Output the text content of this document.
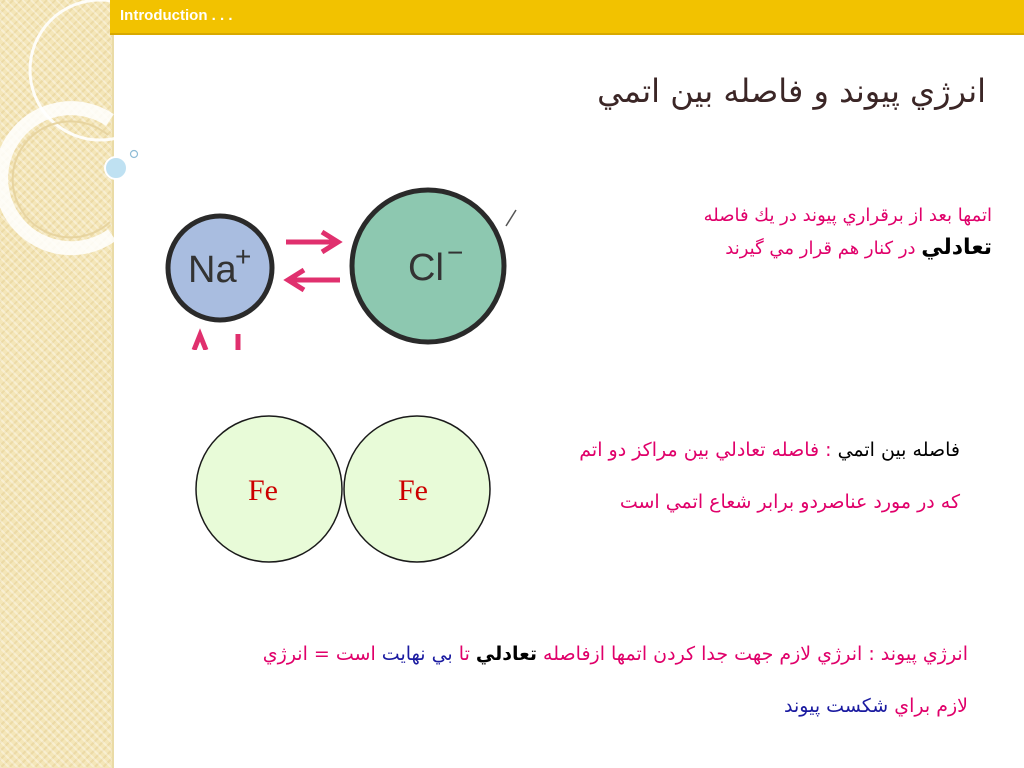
Introduction . . .
انرژي پيوند و فاصله بين اتمي
Na
+	Cl −
اتمها بعد از برقراري پيوند در يك فاصله
تعادلي در كنار هم قرار مي گيرند
Fe	Fe
فاصله بين اتمي : فاصله تعادلي بين مراكز دو اتم كه در مورد عناصردو برابر شعاع اتمي است
انرژي پيوند : انرژي لازم جهت جدا كردن اتمها ازفاصله تعادلي تا بي نهايت است = انرژي لازم براي شكست پيوند
